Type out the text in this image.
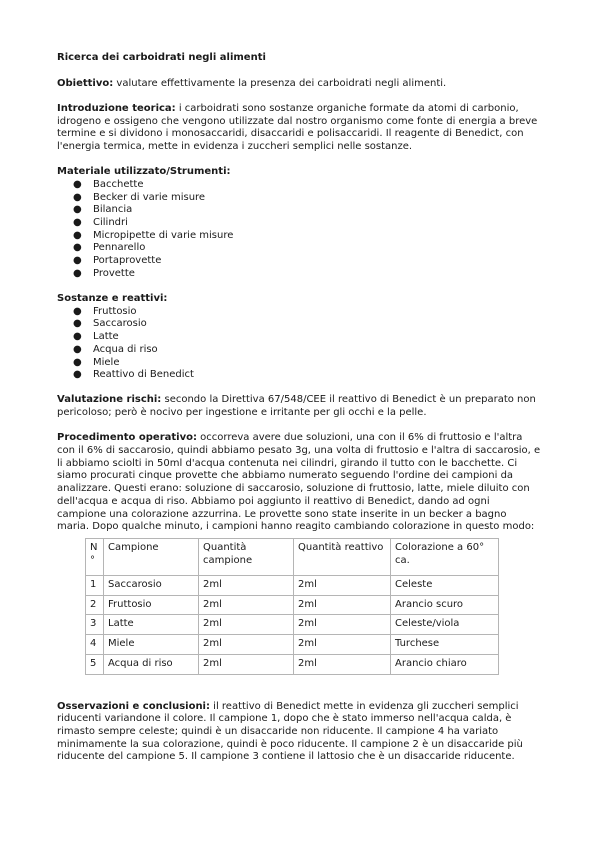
Ricerca dei carboidrati negli alimenti

Obiettivo: valutare effettivamente la presenza dei carboidrati negli alimenti.

Introduzione teorica: i carboidrati sono sostanze organiche formate da atomi di carbonio, idrogeno e ossigeno che vengono utilizzate dal nostro organismo come fonte di energia a breve termine e si dividono i monosaccaridi, disaccaridi e polisaccaridi. Il reagente di Benedict, con l'energia termica, mette in evidenza i zuccheri semplici nelle sostanze.

Materiale utilizzato/Strumenti:
● Bacchette
● Becker di varie misure
● Bilancia
● Cilindri
● Micropipette di varie misure
● Pennarello
● Portaprovette
● Provette
Sostanze e reattivi:
● Fruttosio
● Saccarosio
● Latte
● Acqua di riso
● Miele
● Reattivo di Benedict

Valutazione rischi: secondo la Direttiva 67/548/CEE il reattivo di Benedict è un preparato non pericoloso; però è nocivo per ingestione e irritante per gli occhi e la pelle.

Procedimento operativo: occorreva avere due soluzioni, una con il 6% di fruttosio e l'altra con il 6% di saccarosio, quindi abbiamo pesato 3g, una volta di fruttosio e l'altra di saccarosio, e li abbiamo sciolti in 50ml d'acqua contenuta nei cilindri, girando il tutto con le bacchette. Ci siamo procurati cinque provette che abbiamo numerato seguendo l'ordine dei campioni da analizzare. Questi erano: soluzione di saccarosio, soluzione di fruttosio, latte, miele diluito con dell'acqua e acqua di riso. Abbiamo poi aggiunto il reattivo di Benedict, dando ad ogni campione una colorazione azzurrina. Le provette sono state inserite in un becker a bagno maria. Dopo qualche minuto, i campioni hanno reagito cambiando colorazione in questo modo:

N °	Campione	Quantità campione	Quantità reattivo	Colorazione a 60° ca.
1	Saccarosio	2ml	2ml	Celeste
2	Fruttosio	2ml	2ml	Arancio scuro
3	Latte	2ml	2ml	Celeste/viola
4	Miele	2ml	2ml	Turchese
5	Acqua di riso	2ml	2ml	Arancio chiaro

Osservazioni e conclusioni: il reattivo di Benedict mette in evidenza gli zuccheri semplici riducenti variandone il colore. Il campione 1, dopo che è stato immerso nell'acqua calda, è rimasto sempre celeste; quindi è un disaccaride non riducente. Il campione 4 ha variato minimamente la sua colorazione, quindi è poco riducente. Il campione 2 è un disaccaride più riducente del campione 5. Il campione 3 contiene il lattosio che è un disaccaride riducente.
